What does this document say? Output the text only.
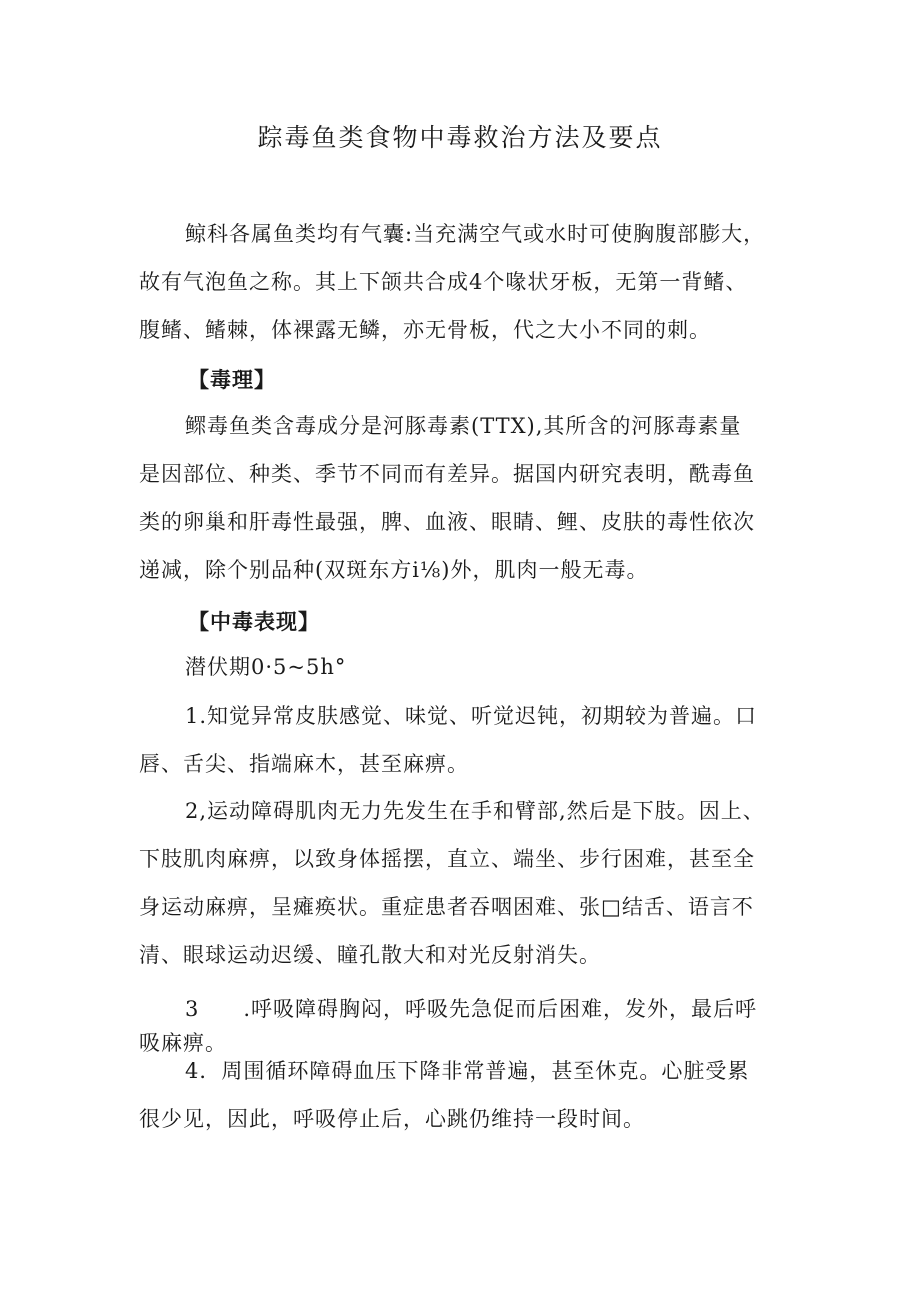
踪毒鱼类食物中毒救治方法及要点
鲸科各属鱼类均有气囊:当充满空气或水时可使胸腹部膨大，
故有气泡鱼之称。其上下颌共合成4个喙状牙板，无第一背鳍、
腹鳍、鳍棘，体裸露无鳞，亦无骨板，代之大小不同的刺。
【毒理】
鳏毒鱼类含毒成分是河豚毒素(TTX),其所含的河豚毒素量
是因部位、种类、季节不同而有差异。据国内研究表明，酰毒鱼
类的卵巢和肝毒性最强，脾、血液、眼睛、鲤、皮肤的毒性依次
递减，除个别品种(双斑东方i⅛)外，肌肉一般无毒。
【中毒表现】
潜伏期0·5~5h°
1.知觉异常皮肤感觉、味觉、听觉迟钝，初期较为普遍。口
唇、舌尖、指端麻木，甚至麻痹。
2,运动障碍肌肉无力先发生在手和臂部,然后是下肢。因上、
下肢肌肉麻痹，以致身体摇摆，直立、端坐、步行困难，甚至全
身运动麻痹，呈瘫痪状。重症患者吞咽困难、张□结舌、语言不
清、眼球运动迟缓、瞳孔散大和对光反射消失。
3　　.呼吸障碍胸闷，呼吸先急促而后困难，发外，最后呼
吸麻痹。
4．周围循环障碍血压下降非常普遍，甚至休克。心脏受累
很少见，因此，呼吸停止后，心跳仍维持一段时间。
